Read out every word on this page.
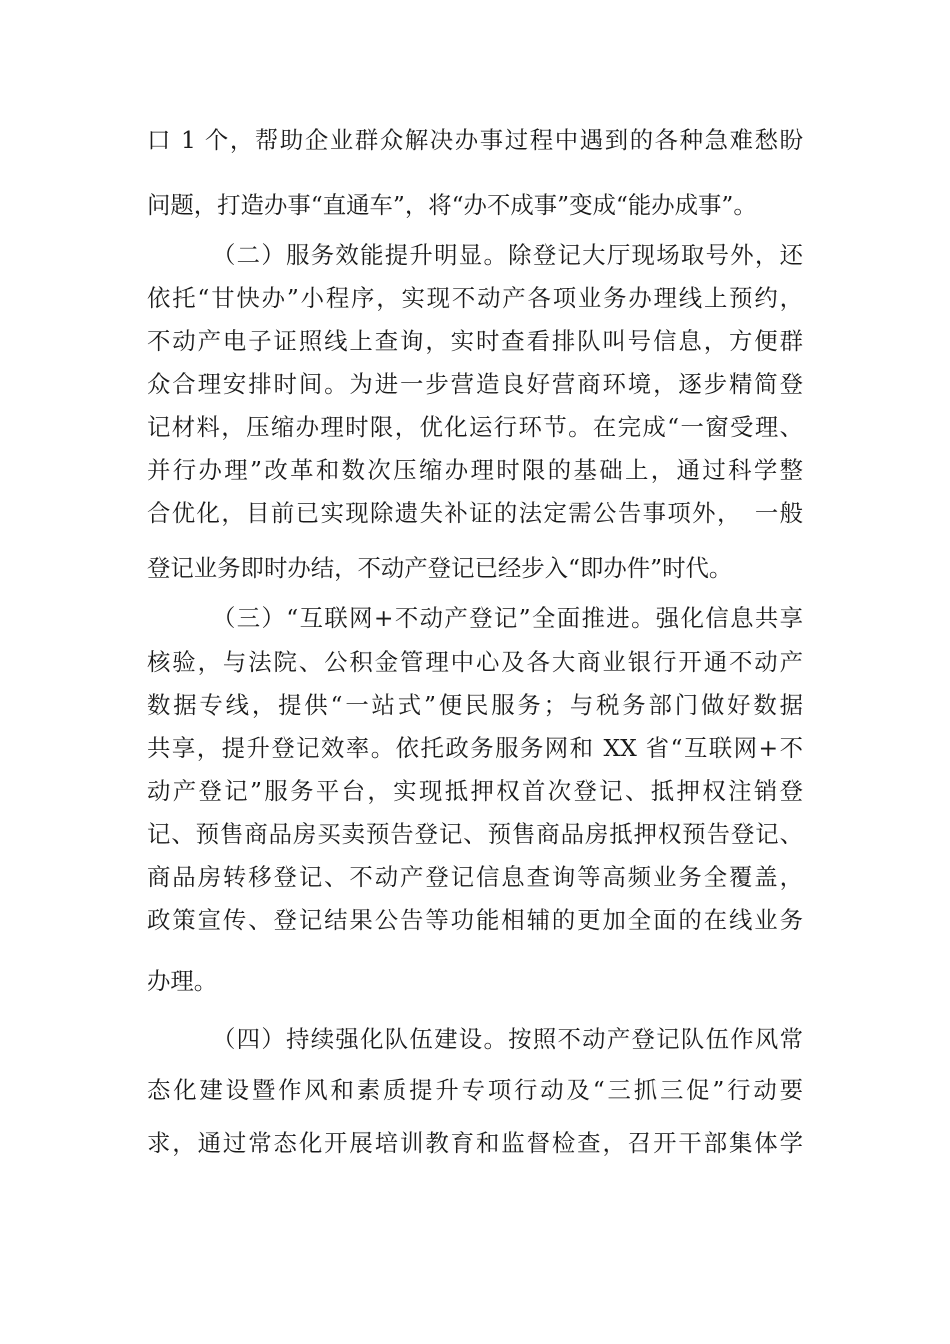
口 1 个，帮助企业群众解决办事过程中遇到的各种急难愁盼
问题，打造办事“直通车”，将“办不成事”变成“能办成事”。
（二）服务效能提升明显。除登记大厅现场取号外，还
依托“甘快办”小程序，实现不动产各项业务办理线上预约，
不动产电子证照线上查询，实时查看排队叫号信息，方便群
众合理安排时间。为进一步营造良好营商环境，逐步精简登
记材料，压缩办理时限，优化运行环节。在完成“一窗受理、
并行办理”改革和数次压缩办理时限的基础上，通过科学整
合优化，目前已实现除遗失补证的法定需公告事项外，　一般
登记业务即时办结，不动产登记已经步入“即办件”时代。
（三）“互联网+不动产登记”全面推进。强化信息共享
核验，与法院、公积金管理中心及各大商业银行开通不动产
数据专线，提供“一站式”便民服务；与税务部门做好数据
共享，提升登记效率。依托政务服务网和 XX 省“互联网+不
动产登记”服务平台，实现抵押权首次登记、抵押权注销登
记、预售商品房买卖预告登记、预售商品房抵押权预告登记、
商品房转移登记、不动产登记信息查询等高频业务全覆盖，
政策宣传、登记结果公告等功能相辅的更加全面的在线业务
办理。
（四）持续强化队伍建设。按照不动产登记队伍作风常
态化建设暨作风和素质提升专项行动及“三抓三促”行动要
求，通过常态化开展培训教育和监督检查，召开干部集体学
